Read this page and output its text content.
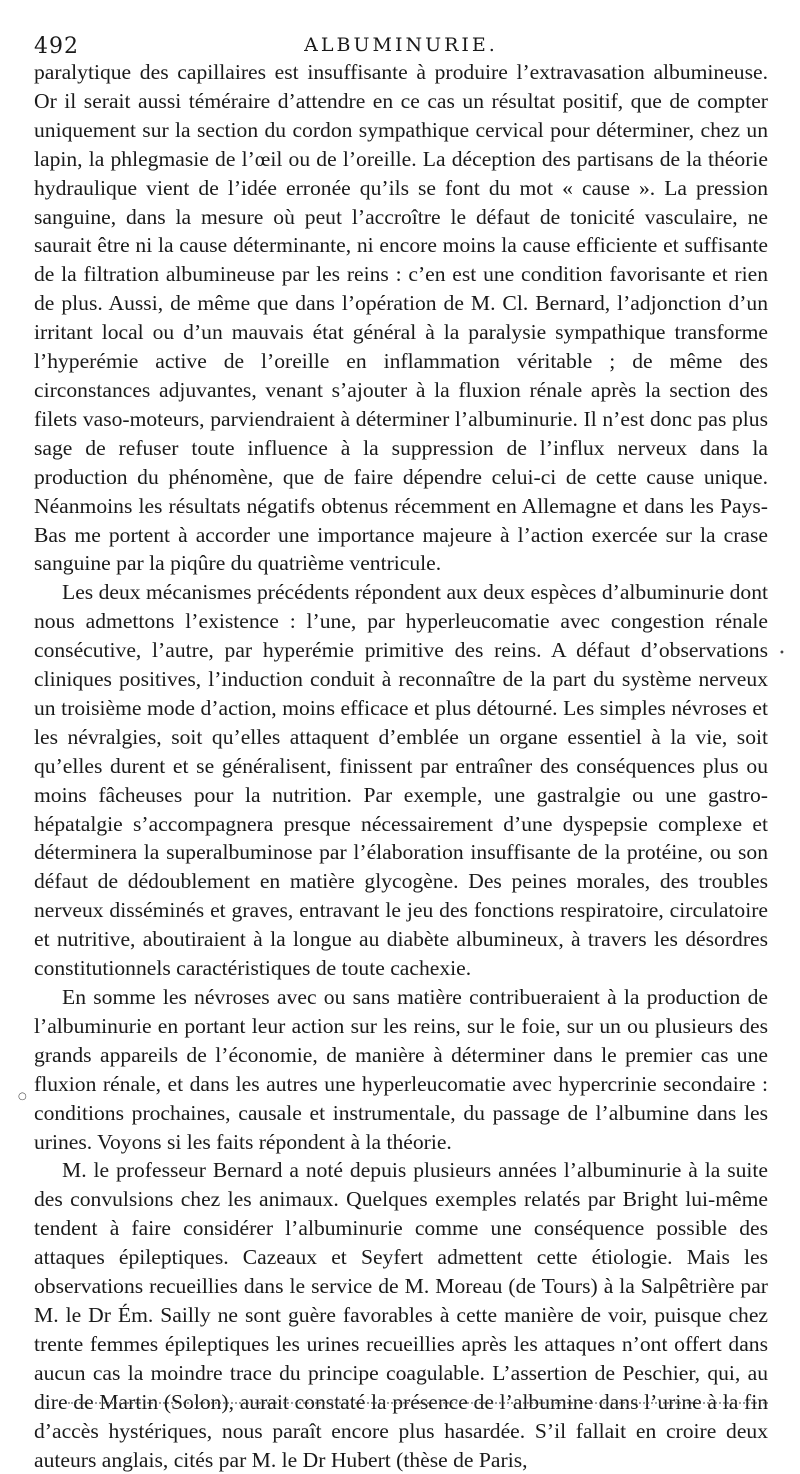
492	ALBUMINURIE.

paralytique des capillaires est insuffisante à produire l’extravasation albumineuse. Or il serait aussi téméraire d’attendre en ce cas un résultat positif, que de compter uniquement sur la section du cordon sympathique cervical pour déterminer, chez un lapin, la phlegmasie de l’œil ou de l’oreille. La déception des partisans de la théorie hydraulique vient de l’idée erronée qu’ils se font du mot « cause ». La pression sanguine, dans la mesure où peut l’accroître le défaut de tonicité vasculaire, ne saurait être ni la cause déterminante, ni encore moins la cause efficiente et suffisante de la filtration albumineuse par les reins : c’en est une condition favorisante et rien de plus. Aussi, de même que dans l’opération de M. Cl. Bernard, l’adjonction d’un irritant local ou d’un mauvais état général à la paralysie sympathique transforme l’hyperémie active de l’oreille en inflammation véritable ; de même des circonstances adjuvantes, venant s’ajouter à la fluxion rénale après la section des filets vaso-moteurs, parviendraient à déterminer l’albuminurie. Il n’est donc pas plus sage de refuser toute influence à la suppression de l’influx nerveux dans la production du phénomène, que de faire dépendre celui-ci de cette cause unique. Néanmoins les résultats négatifs obtenus récemment en Allemagne et dans les Pays-Bas me portent à accorder une importance majeure à l’action exercée sur la crase sanguine par la piqûre du quatrième ventricule.

Les deux mécanismes précédents répondent aux deux espèces d’albuminurie dont nous admettons l’existence : l’une, par hyperleucomatie avec congestion rénale consécutive, l’autre, par hyperémie primitive des reins. A défaut d’observations cliniques positives, l’induction conduit à reconnaître de la part du système nerveux un troisième mode d’action, moins efficace et plus détourné. Les simples névroses et les névralgies, soit qu’elles attaquent d’emblée un organe essentiel à la vie, soit qu’elles durent et se généralisent, finissent par entraîner des conséquences plus ou moins fâcheuses pour la nutrition. Par exemple, une gastralgie ou une gastro-hépatalgie s’accompagnera presque nécessairement d’une dyspepsie complexe et déterminera la superalbuminose par l’élaboration insuffisante de la protéine, ou son défaut de dédoublement en matière glycogène. Des peines morales, des troubles nerveux disséminés et graves, entravant le jeu des fonctions respiratoire, circulatoire et nutritive, aboutiraient à la longue au diabète albumineux, à travers les désordres constitutionnels caractéristiques de toute cachexie.

En somme les névroses avec ou sans matière contribueraient à la production de l’albuminurie en portant leur action sur les reins, sur le foie, sur un ou plusieurs des grands appareils de l’économie, de manière à déterminer dans le premier cas une fluxion rénale, et dans les autres une hyperleucomatie avec hypercrinie secondaire : conditions prochaines, causale et instrumentale, du passage de l’albumine dans les urines. Voyons si les faits répondent à la théorie.

M. le professeur Bernard a noté depuis plusieurs années l’albuminurie à la suite des convulsions chez les animaux. Quelques exemples relatés par Bright lui-même tendent à faire considérer l’albuminurie comme une conséquence possible des attaques épileptiques. Cazeaux et Seyfert admettent cette étiologie. Mais les observations recueillies dans le service de M. Moreau (de Tours) à la Salpêtrière par M. le Dr Ém. Sailly ne sont guère favorables à cette manière de voir, puisque chez trente femmes épileptiques les urines recueillies après les attaques n’ont offert dans aucun cas la moindre trace du principe coagulable. L’assertion de Peschier, qui, au dire de Martin (Solon), aurait constaté la présence de l’albumine dans l’urine à la fin d’accès hystériques, nous paraît encore plus hasardée. S’il fallait en croire deux auteurs anglais, cités par M. le Dr Hubert (thèse de Paris,

•
○
